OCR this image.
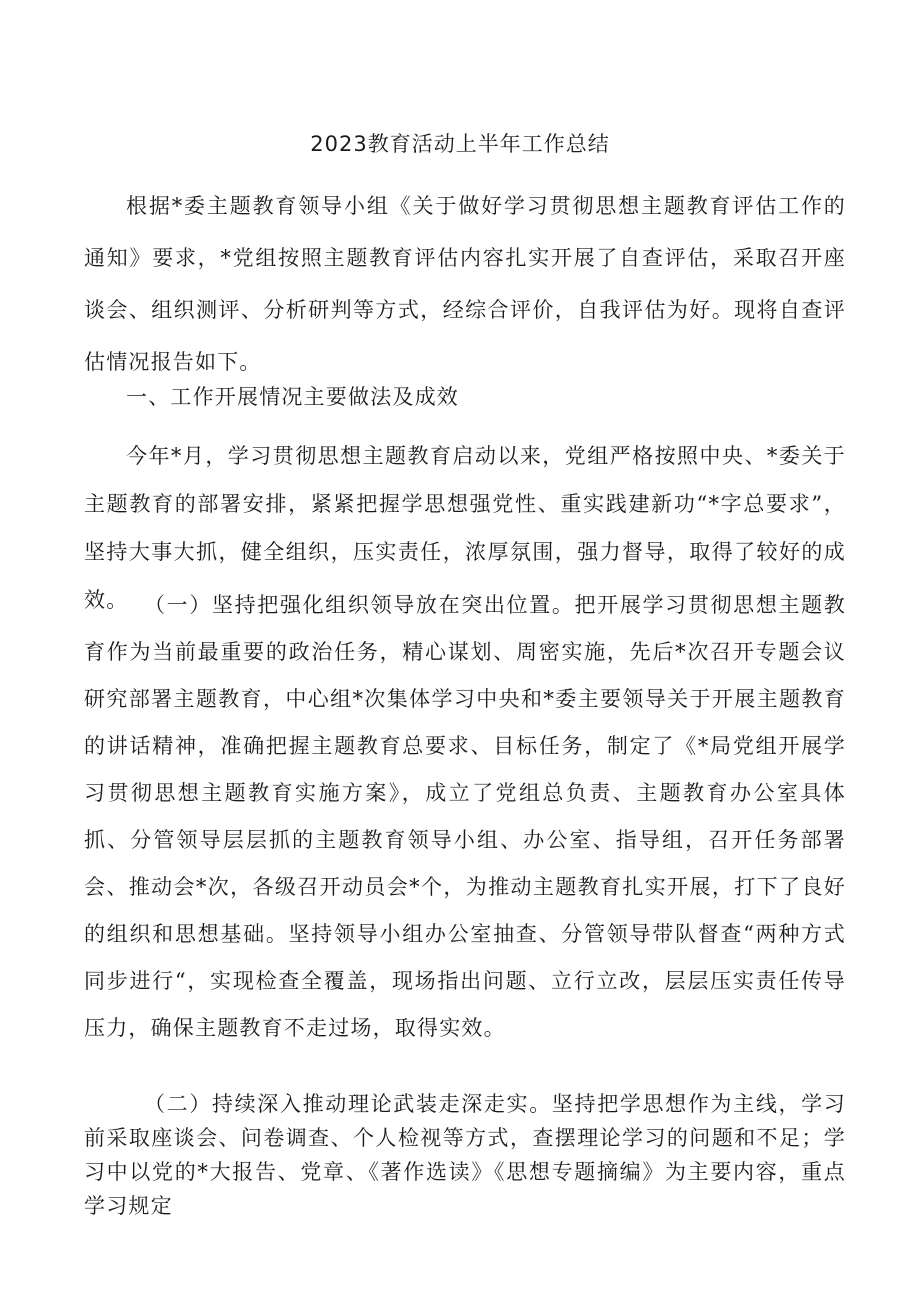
2023教育活动上半年工作总结

根据*委主题教育领导小组《关于做好学习贯彻思想主题教育评估工作的通知》要求，*党组按照主题教育评估内容扎实开展了自查评估，采取召开座谈会、组织测评、分析研判等方式，经综合评价，自我评估为好。现将自查评估情况报告如下。

一、工作开展情况主要做法及成效

今年*月，学习贯彻思想主题教育启动以来，党组严格按照中央、*委关于主题教育的部署安排，紧紧把握学思想强党性、重实践建新功“*字总要求”，坚持大事大抓，健全组织，压实责任，浓厚氛围，强力督导，取得了较好的成效。 （一）坚持把强化组织领导放在突出位置。把开展学习贯彻思想主题教育作为当前最重要的政治任务，精心谋划、周密实施，先后*次召开专题会议研究部署主题教育，中心组*次集体学习中央和*委主要领导关于开展主题教育的讲话精神，准确把握主题教育总要求、目标任务，制定了《*局党组开展学习贯彻思想主题教育实施方案》，成立了党组总负责、主题教育办公室具体抓、分管领导层层抓的主题教育领导小组、办公室、指导组，召开任务部署会、推动会*次，各级召开动员会*个，为推动主题教育扎实开展，打下了良好的组织和思想基础。坚持领导小组办公室抽查、分管领导带队督查“两种方式同步进行“，实现检查全覆盖，现场指出问题、立行立改，层层压实责任传导压力，确保主题教育不走过场，取得实效。

（二）持续深入推动理论武装走深走实。坚持把学思想作为主线，学习前采取座谈会、问卷调查、个人检视等方式，查摆理论学习的问题和不足；学习中以党的*大报告、党章、《著作选读》《思想专题摘编》为主要内容，重点学习规定
